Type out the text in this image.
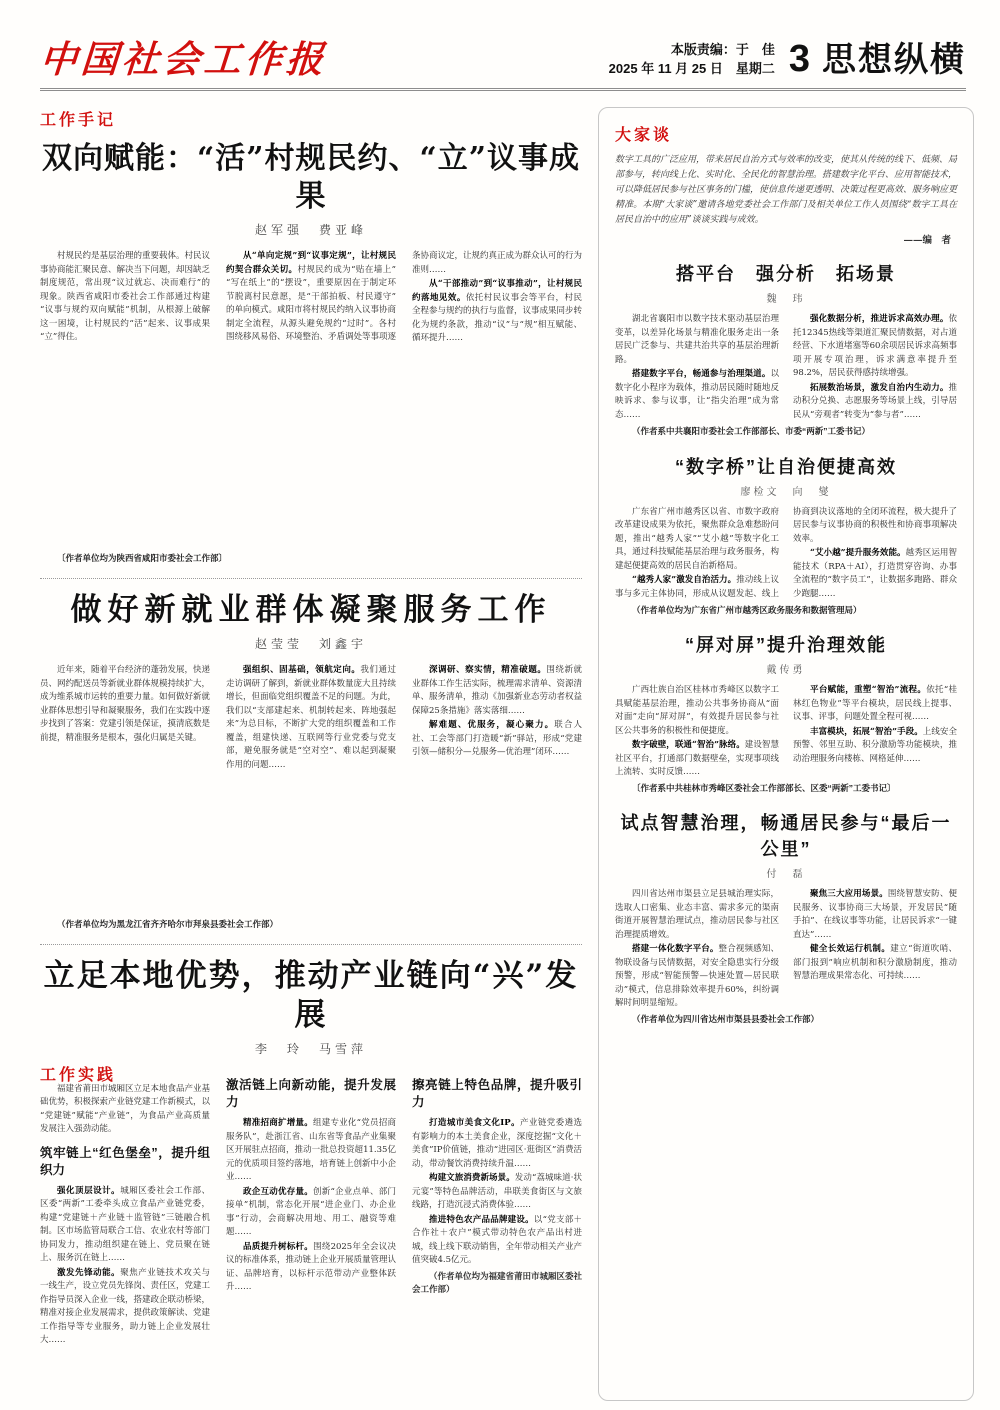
中国社会工作报	本版责编：于　佳
2025 年 11 月 25 日　星期二 3 思想纵横
工作手记
双向赋能：“活”村规民约、“立”议事成果
赵军强　费亚峰

村规民约是基层治理的重要载体。村民议事协商能汇聚民意、解决当下问题，却因缺乏制度规范，常出现“议过就忘、决而难行”的现象。陕西省咸阳市委社会工作部通过构建“议事与规约双向赋能”机制，从根源上破解这一困境，让村规民约“活”起来、议事成果“立”得住。

从“单向定规”到“议事定规”，让村规民约契合群众关切。村规民约成为“贴在墙上”“写在纸上”的“摆设”，重要原因在于制定环节脱离村民意愿，是“干部拍板、村民遵守”的单向模式。咸阳市将村规民约纳入议事协商制定全流程，从源头避免规约“过时”。各村围绕移风易俗、环境整治、矛盾调处等事项逐条协商议定，让规约真正成为群众认可的行为准则……

从“干部推动”到“议事推动”，让村规民约落地见效。依托村民议事会等平台，村民全程参与规约的执行与监督，议事成果同步转化为规约条款，推动“议”与“规”相互赋能、循环提升……

〔作者单位均为陕西省咸阳市委社会工作部〕

做好新就业群体凝聚服务工作
赵莹莹　刘鑫宇

近年来，随着平台经济的蓬勃发展，快递员、网约配送员等新就业群体规模持续扩大，成为维系城市运转的重要力量。如何做好新就业群体思想引导和凝聚服务，我们在实践中逐步找到了答案：党建引领是保证，摸清底数是前提，精准服务是根本，强化归属是关键。

强组织、固基础，领航定向。我们通过走访调研了解到，新就业群体数量庞大且持续增长，但面临党组织覆盖不足的问题。为此，我们以“支部建起来、机制转起来、阵地强起来”为总目标，不断扩大党的组织覆盖和工作覆盖，组建快递、互联网等行业党委与党支部，避免服务就是“空对空”、难以起到凝聚作用的问题……

深调研、察实情，精准破题。围绕新就业群体工作生活实际，梳理需求清单、资源清单、服务清单，推动《加强新业态劳动者权益保障25条措施》落实落细……

解难题、优服务，凝心聚力。联合人社、工会等部门打造暖“新”驿站，形成“党建引领—储积分—兑服务—优治理”闭环……

（作者单位均为黑龙江省齐齐哈尔市拜泉县委社会工作部）

立足本地优势，推动产业链向“兴”发展
李　玲　马雪萍
工作实践

福建省莆田市城厢区立足本地食品产业基础优势，积极探索产业链党建工作新模式，以“党建链”赋能“产业链”，为食品产业高质量发展注入强劲动能。

筑牢链上“红色堡垒”，提升组织力

强化顶层设计。城厢区委社会工作部、区委“两新”工委牵头成立食品产业链党委，构建“党建链＋产业链＋监管链”三链融合机制。区市场监管局联合工信、农业农村等部门协同发力，推动组织建在链上、党员聚在链上、服务沉在链上……

激发先锋动能。聚焦产业链技术攻关与一线生产，设立党员先锋岗、责任区，党建工作指导员深入企业一线，搭建政企联动桥梁，精准对接企业发展需求，提供政策解读、党建工作指导等专业服务，助力链上企业发展壮大……

激活链上向新动能，提升发展力

精准招商扩增量。组建专业化“党员招商服务队”，赴浙江省、山东省等食品产业集聚区开展驻点招商，推动一批总投资超11.35亿元的优质项目签约落地，培育链上创新中小企业……

政企互动优存量。创新“企业点单、部门接单”机制，常态化开展“进企业门、办企业事”行动，会商解决用地、用工、融资等难题……

品质提升树标杆。围绕2025年全会议决议的标准体系，推动链上企业开展质量管理认证、品牌培育，以标杆示范带动产业整体跃升……

擦亮链上特色品牌，提升吸引力

打造城市美食文化IP。产业链党委遴选有影响力的本土美食企业，深度挖掘“文化＋美食”IP价值链，推动“进园区·逛街区”消费活动，带动餐饮消费持续升温……

构建文旅消费新场景。发动“荔城味道·状元宴”等特色品牌活动，串联美食街区与文旅线路，打造沉浸式消费体验……

推进特色农产品品牌建设。以“党支部＋合作社＋农户”模式带动特色农产品出村进城，线上线下联动销售，全年带动相关产业产值突破4.5亿元。

（作者单位均为福建省莆田市城厢区委社会工作部）

大家谈
数字工具的广泛应用，带来居民自治方式与效率的改变，使其从传统的线下、低频、局部参与，转向线上化、实时化、全民化的智慧治理。搭建数字化平台、应用智能技术，可以降低居民参与社区事务的门槛，使信息传递更透明、决策过程更高效、服务响应更精准。本期“大家谈”邀请各地党委社会工作部门及相关单位工作人员围绕“数字工具在居民自治中的应用”谈谈实践与成效。
——编　者
搭平台　强分析　拓场景
魏　玮

湖北省襄阳市以数字技术驱动基层治理变革，以差异化场景与精准化服务走出一条居民广泛参与、共建共治共享的基层治理新路。

搭建数字平台，畅通参与治理渠道。以数字化小程序为载体，推动居民随时随地反映诉求、参与议事，让“指尖治理”成为常态……

强化数据分析，推进诉求高效办理。依托12345热线等渠道汇聚民情数据，对占道经营、下水道堵塞等60余项居民诉求高频事项开展专项治理，诉求满意率提升至98.2%，居民获得感持续增强。

拓展数治场景，激发自治内生动力。推动积分兑换、志愿服务等场景上线，引导居民从“旁观者”转变为“参与者”……

（作者系中共襄阳市委社会工作部部长、市委“两新”工委书记）

“数字桥”让自治便捷高效
廖检文　向　燮

广东省广州市越秀区以省、市数字政府改革建设成果为依托，聚焦群众急难愁盼问题，推出“越秀人家”“艾小越”等数字化工具，通过科技赋能基层治理与政务服务，构建起便捷高效的居民自治新格局。

“越秀人家”激发自治活力。推动线上议事与多元主体协同，形成从议题发起、线上协商到决议落地的全闭环流程，极大提升了居民参与议事协商的积极性和协商事项解决效率。

“艾小越”提升服务效能。越秀区运用智能技术（RPA＋AI），打造贯穿咨询、办事全流程的“数字员工”，让数据多跑路、群众少跑腿……

（作者单位均为广东省广州市越秀区政务服务和数据管理局）

“屏对屏”提升治理效能
戴传勇

广西壮族自治区桂林市秀峰区以数字工具赋能基层治理，推动公共事务协商从“面对面”走向“屏对屏”，有效提升居民参与社区公共事务的积极性和便捷度。

数字破壁，联通“智治”脉络。建设智慧社区平台，打通部门数据壁垒，实现事项线上流转、实时反馈……

平台赋能，重塑“智治”流程。依托“桂林红色物业”等平台模块，居民线上提事、议事、评事，问题处置全程可视……

丰富模块，拓展“智治”手段。上线安全预警、邻里互助、积分激励等功能模块，推动治理服务向楼栋、网格延伸……

〔作者系中共桂林市秀峰区委社会工作部部长、区委“两新”工委书记〕

试点智慧治理，畅通居民参与“最后一公里”
付　磊

四川省达州市渠县立足县城治理实际，选取人口密集、业态丰富、需求多元的渠南街道开展智慧治理试点，推动居民参与社区治理提质增效。

搭建一体化数字平台。整合视频感知、物联设备与民情数据，对安全隐患实行分级预警，形成“智能预警—快速处置—居民联动”模式，信息排除效率提升60%，纠纷调解时间明显缩短。

聚焦三大应用场景。围绕智慧安防、便民服务、议事协商三大场景，开发居民“随手拍”、在线议事等功能，让居民诉求“一键直达”……

健全长效运行机制。建立“街道吹哨、部门报到”响应机制和积分激励制度，推动智慧治理成果常态化、可持续……

（作者单位为四川省达州市渠县县委社会工作部）
